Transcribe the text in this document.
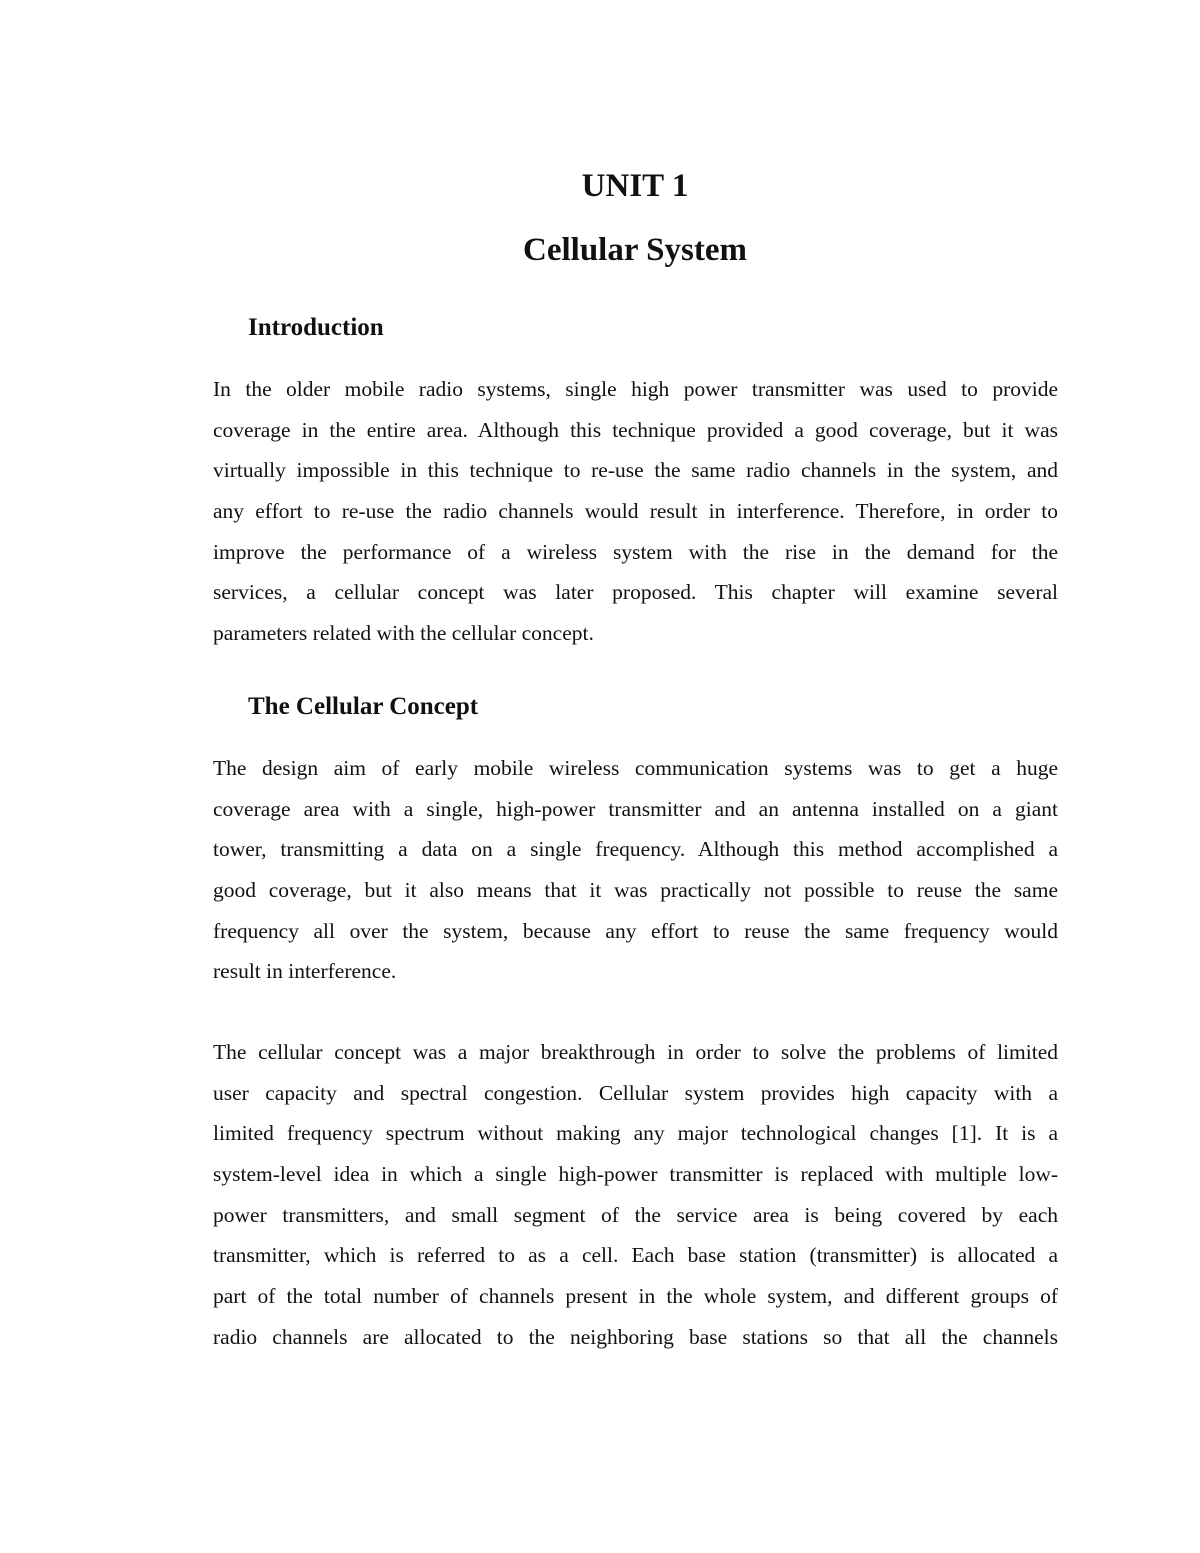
UNIT 1
Cellular System
Introduction

In the older mobile radio systems, single high power transmitter was used to provide
coverage in the entire area. Although this technique provided a good coverage, but it was
virtually impossible in this technique to re-use the same radio channels in the system, and
any effort to re-use the radio channels would result in interference. Therefore, in order to
improve the performance of a wireless system with the rise in the demand for the
services, a cellular concept was later proposed. This chapter will examine several
parameters related with the cellular concept.

The Cellular Concept

The design aim of early mobile wireless communication systems was to get a huge
coverage area with a single, high-power transmitter and an antenna installed on a giant
tower, transmitting a data on a single frequency. Although this method accomplished a
good coverage, but it also means that it was practically not possible to reuse the same
frequency all over the system, because any effort to reuse the same frequency would
result in interference.

The cellular concept was a major breakthrough in order to solve the problems of limited
user capacity and spectral congestion. Cellular system provides high capacity with a
limited frequency spectrum without making any major technological changes [1]. It is a
system-level idea in which a single high-power transmitter is replaced with multiple low-
power transmitters, and small segment of the service area is being covered by each
transmitter, which is referred to as a cell. Each base station (transmitter) is allocated a
part of the total number of channels present in the whole system, and different groups of
radio channels are allocated to the neighboring base stations so that all the channels
